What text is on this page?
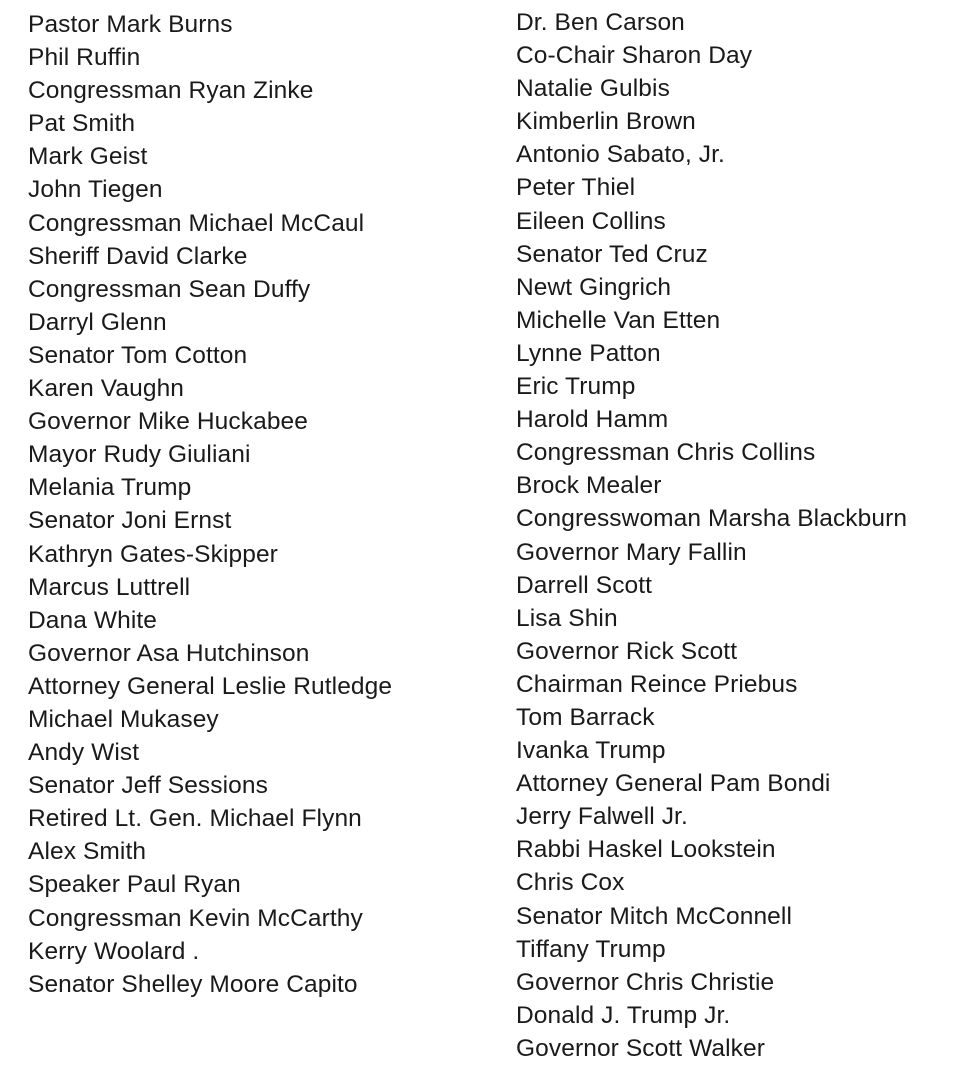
Pastor Mark Burns
Phil Ruffin
Congressman Ryan Zinke
Pat Smith
Mark Geist
John Tiegen
Congressman Michael McCaul
Sheriff David Clarke
Congressman Sean Duffy
Darryl Glenn
Senator Tom Cotton
Karen Vaughn
Governor Mike Huckabee
Mayor Rudy Giuliani
Melania Trump
Senator Joni Ernst
Kathryn Gates-Skipper
Marcus Luttrell
Dana White
Governor Asa Hutchinson
Attorney General Leslie Rutledge
Michael Mukasey
Andy Wist
Senator Jeff Sessions
Retired Lt. Gen. Michael Flynn
Alex Smith
Speaker Paul Ryan
Congressman Kevin McCarthy
Kerry Woolard .
Senator Shelley Moore Capito
Dr. Ben Carson
Co-Chair Sharon Day
Natalie Gulbis
Kimberlin Brown
Antonio Sabato, Jr.
Peter Thiel
Eileen Collins
Senator Ted Cruz
Newt Gingrich
Michelle Van Etten
Lynne Patton
Eric Trump
Harold Hamm
Congressman Chris Collins
Brock Mealer
Congresswoman Marsha Blackburn
Governor Mary Fallin
Darrell Scott
Lisa Shin
Governor Rick Scott
Chairman Reince Priebus
Tom Barrack
Ivanka Trump
Attorney General Pam Bondi
Jerry Falwell Jr.
Rabbi Haskel Lookstein
Chris Cox
Senator Mitch McConnell
Tiffany Trump
Governor Chris Christie
Donald J. Trump Jr.
Governor Scott Walker
